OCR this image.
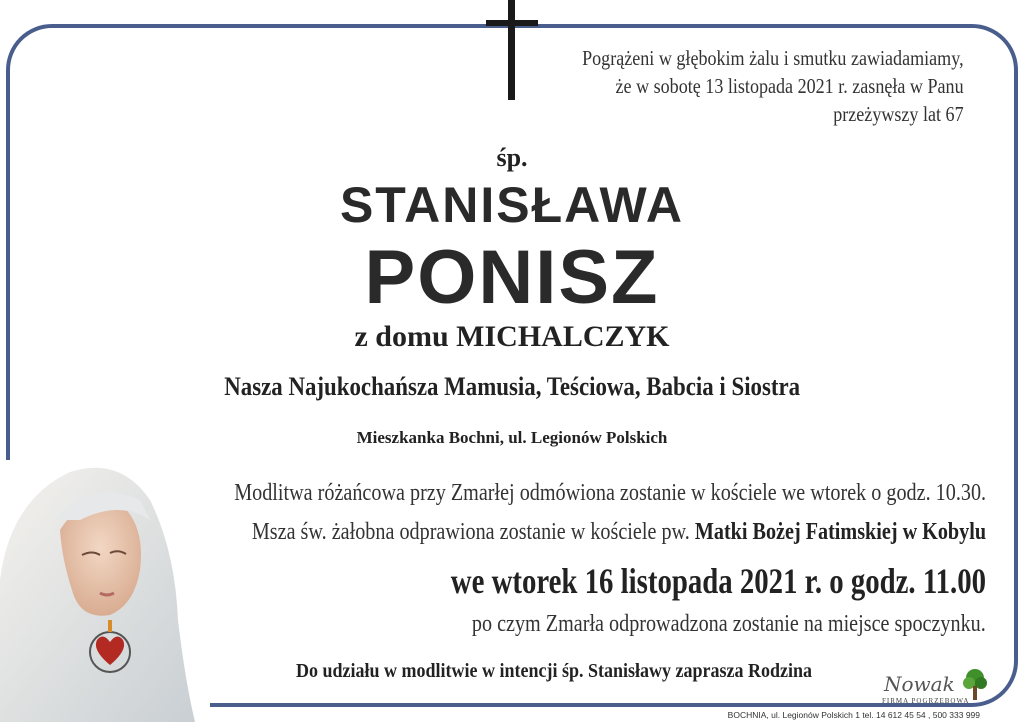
Pogrążeni w głębokim żalu i smutku zawiadamiamy,
że w sobotę 13 listopada 2021 r. zasnęła w Panu
przeżywszy lat 67
śp.
STANISŁAWA
PONISZ
z domu MICHALCZYK
Nasza Najukochańsza Mamusia, Teściowa, Babcia i Siostra
Mieszkanka Bochni, ul. Legionów Polskich
Modlitwa różańcowa przy Zmarłej odmówiona zostanie w kościele we wtorek o godz. 10.30.
Msza św. żałobna odprawiona zostanie w kościele pw. Matki Bożej Fatimskiej w Kobylu
we wtorek 16 listopada 2021 r. o godz. 11.00
po czym Zmarła odprowadzona zostanie na miejsce spoczynku.
Do udziału w modlitwie w intencji śp. Stanisławy zaprasza Rodzina
Nowak
FIRMA POGRZEBOWA
BOCHNIA, ul. Legionów Polskich 1 tel. 14 612 45 54 , 500 333 999
